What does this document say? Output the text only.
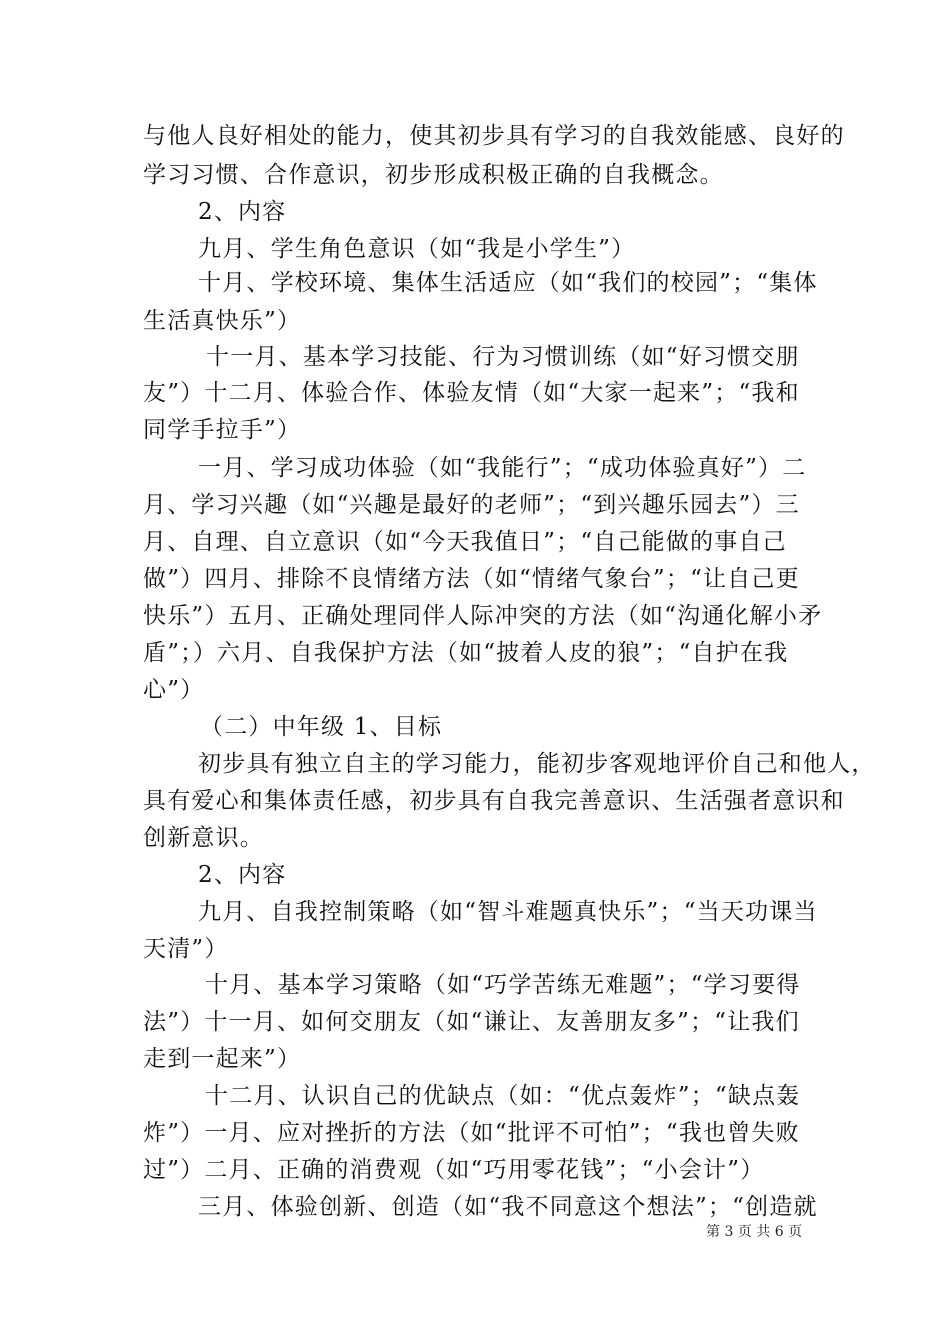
与他人良好相处的能力，使其初步具有学习的自我效能感、良好的
学习习惯、合作意识，初步形成积极正确的自我概念。
2、内容
九月、学生角色意识（如“我是小学生”）
十月、学校环境、集体生活适应（如“我们的校园”；“集体
生活真快乐”）
十一月、基本学习技能、行为习惯训练（如“好习惯交朋
友”）十二月、体验合作、体验友情（如“大家一起来”；“我和
同学手拉手”）
一月、学习成功体验（如“我能行”；“成功体验真好”）二
月、学习兴趣（如“兴趣是最好的老师”；“到兴趣乐园去”）三
月、自理、自立意识（如“今天我值日”；“自己能做的事自己
做”）四月、排除不良情绪方法（如“情绪气象台”；“让自己更
快乐”）五月、正确处理同伴人际冲突的方法（如“沟通化解小矛
盾”；）六月、自我保护方法（如“披着人皮的狼”；“自护在我
心”）
（二）中年级 1、目标
初步具有独立自主的学习能力，能初步客观地评价自己和他人，
具有爱心和集体责任感，初步具有自我完善意识、生活强者意识和
创新意识。
2、内容
九月、自我控制策略（如“智斗难题真快乐”；“当天功课当
天清”）
十月、基本学习策略（如“巧学苦练无难题”；“学习要得
法”）十一月、如何交朋友（如“谦让、友善朋友多”；“让我们
走到一起来”）
十二月、认识自己的优缺点（如：“优点轰炸”；“缺点轰
炸”）一月、应对挫折的方法（如“批评不可怕”；“我也曾失败
过”）二月、正确的消费观（如“巧用零花钱”；“小会计”）
三月、体验创新、创造（如“我不同意这个想法”；“创造就
第 3 页 共 6 页
